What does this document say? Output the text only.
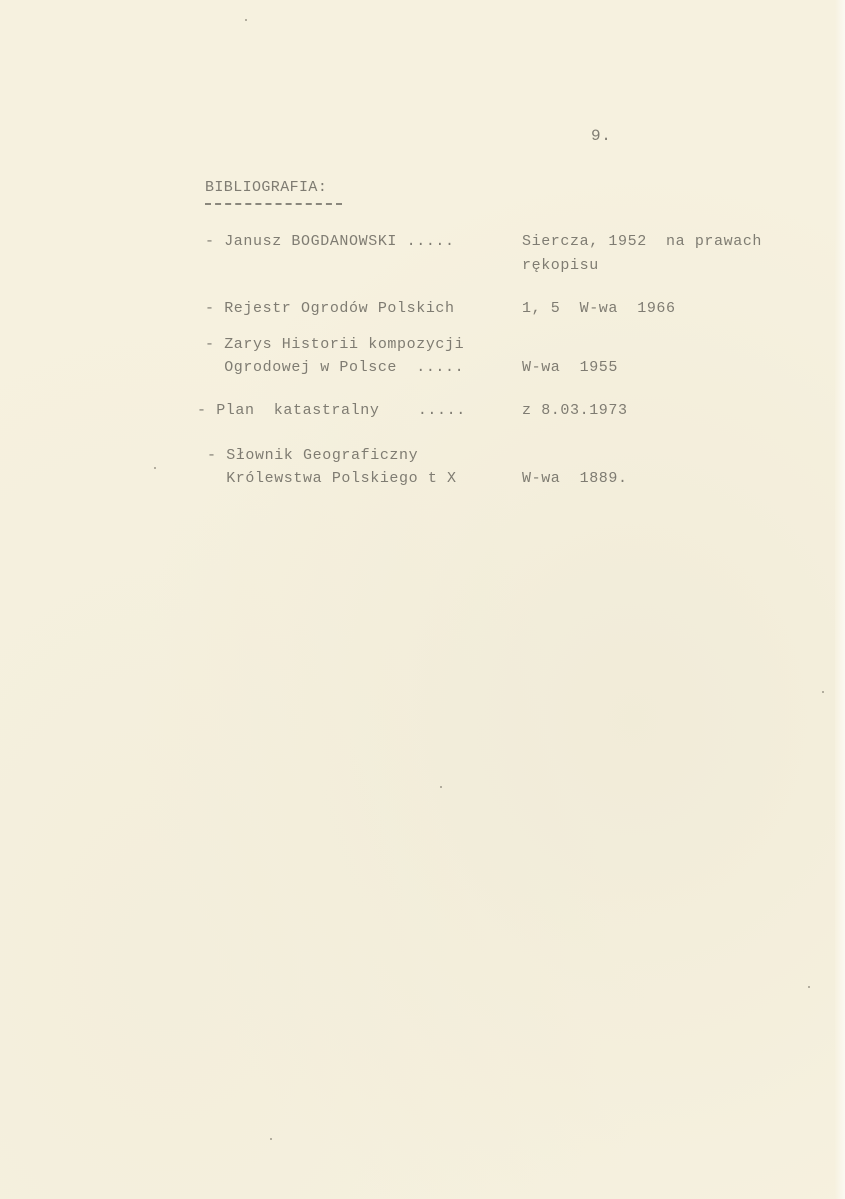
9.
BIBLIOGRAFIA:
- Janusz BOGDANOWSKI .....	Siercza, 1952  na prawach
rękopisu
- Rejestr Ogrodów Polskich	1, 5  W-wa  1966
- Zarys Historii kompozycji
Ogrodowej w Polsce  .....	W-wa  1955
- Plan  katastralny    .....	z 8.03.1973
- Słownik Geograficzny
Królewstwa Polskiego t X	W-wa  1889.
